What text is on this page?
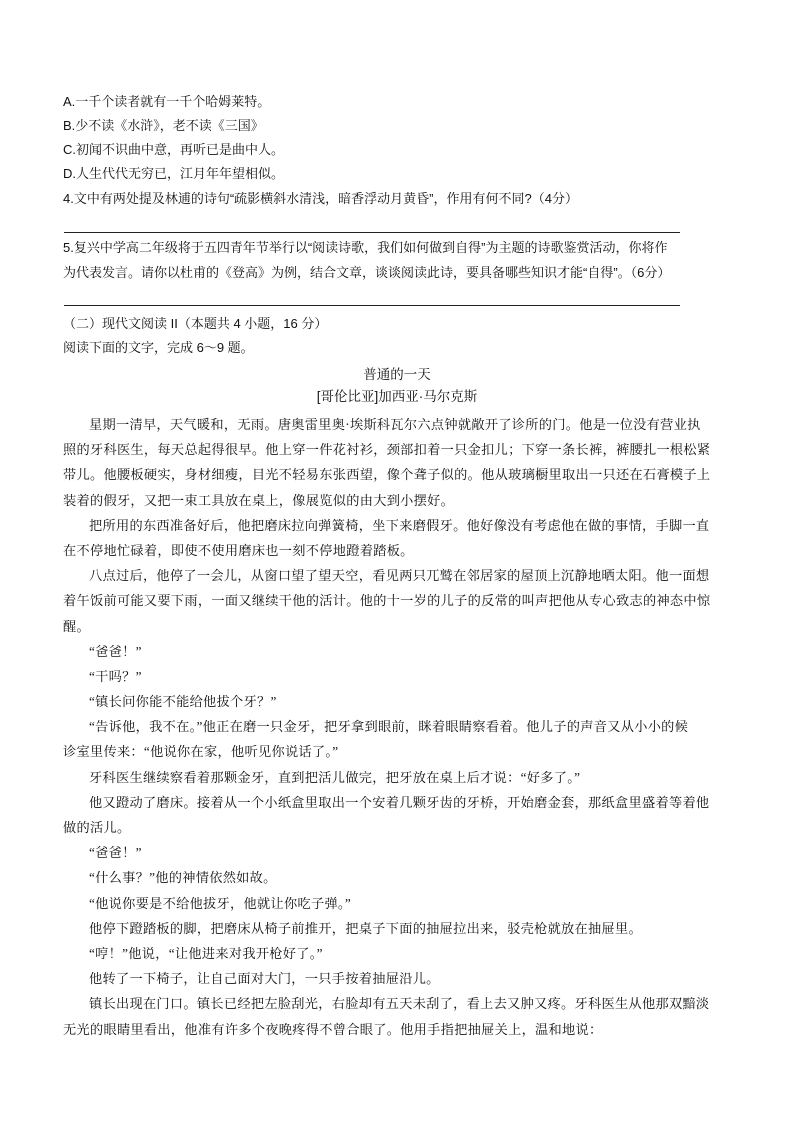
A.一千个读者就有一千个哈姆莱特。
B.少不读《水浒》，老不读《三国》
C.初闻不识曲中意，再听已是曲中人。
D.人生代代无穷已，江月年年望相似。
4.文中有两处提及林逋的诗句“疏影横斜水清浅，暗香浮动月黄昏”，作用有何不同?（4分）
5.复兴中学高二年级将于五四青年节举行以“阅读诗歌，我们如何做到自得”为主题的诗歌鉴赏活动，你将作
为代表发言。请你以杜甫的《登高》为例，结合文章，谈谈阅读此诗，要具备哪些知识才能“自得”。（6分）
（二）现代文阅读 II（本题共 4 小题，16 分）
阅读下面的文字，完成 6～9 题。
普通的一天
[哥伦比亚]加西亚·马尔克斯
星期一清早，天气暖和，无雨。唐奥雷里奥·埃斯科瓦尔六点钟就敞开了诊所的门。他是一位没有营业执
照的牙科医生，每天总起得很早。他上穿一件花衬衫，颈部扣着一只金扣儿；下穿一条长裤，裤腰扎一根松紧
带儿。他腰板硬实，身材细瘦，目光不轻易东张西望，像个聋子似的。他从玻璃橱里取出一只还在石膏模子上
装着的假牙，又把一束工具放在桌上，像展览似的由大到小摆好。
把所用的东西准备好后，他把磨床拉向弹簧椅，坐下来磨假牙。他好像没有考虑他在做的事情，手脚一直
在不停地忙碌着，即使不使用磨床也一刻不停地蹬着踏板。
八点过后，他停了一会儿，从窗口望了望天空，看见两只兀鹫在邻居家的屋顶上沉静地晒太阳。他一面想
着午饭前可能又要下雨，一面又继续干他的活计。他的十一岁的儿子的反常的叫声把他从专心致志的神态中惊
醒。
“爸爸！”
“干吗？”
“镇长问你能不能给他拔个牙？”
“告诉他，我不在。”他正在磨一只金牙，把牙拿到眼前，眯着眼睛察看着。他儿子的声音又从小小的候
诊室里传来：“他说你在家，他听见你说话了。”
牙科医生继续察看着那颗金牙，直到把活儿做完，把牙放在桌上后才说：“好多了。”
他又蹬动了磨床。接着从一个小纸盒里取出一个安着几颗牙齿的牙桥，开始磨金套，那纸盒里盛着等着他
做的活儿。
“爸爸！”
“什么事？”他的神情依然如故。
“他说你要是不给他拔牙，他就让你吃子弹。”
他停下蹬踏板的脚，把磨床从椅子前推开，把桌子下面的抽屉拉出来，驳壳枪就放在抽屉里。
“哼！”他说，“让他进来对我开枪好了。”
他转了一下椅子，让自己面对大门，一只手按着抽屉沿儿。
镇长出现在门口。镇长已经把左脸刮光，右脸却有五天未刮了，看上去又肿又疼。牙科医生从他那双黯淡
无光的眼睛里看出，他准有许多个夜晚疼得不曾合眼了。他用手指把抽屉关上，温和地说：
